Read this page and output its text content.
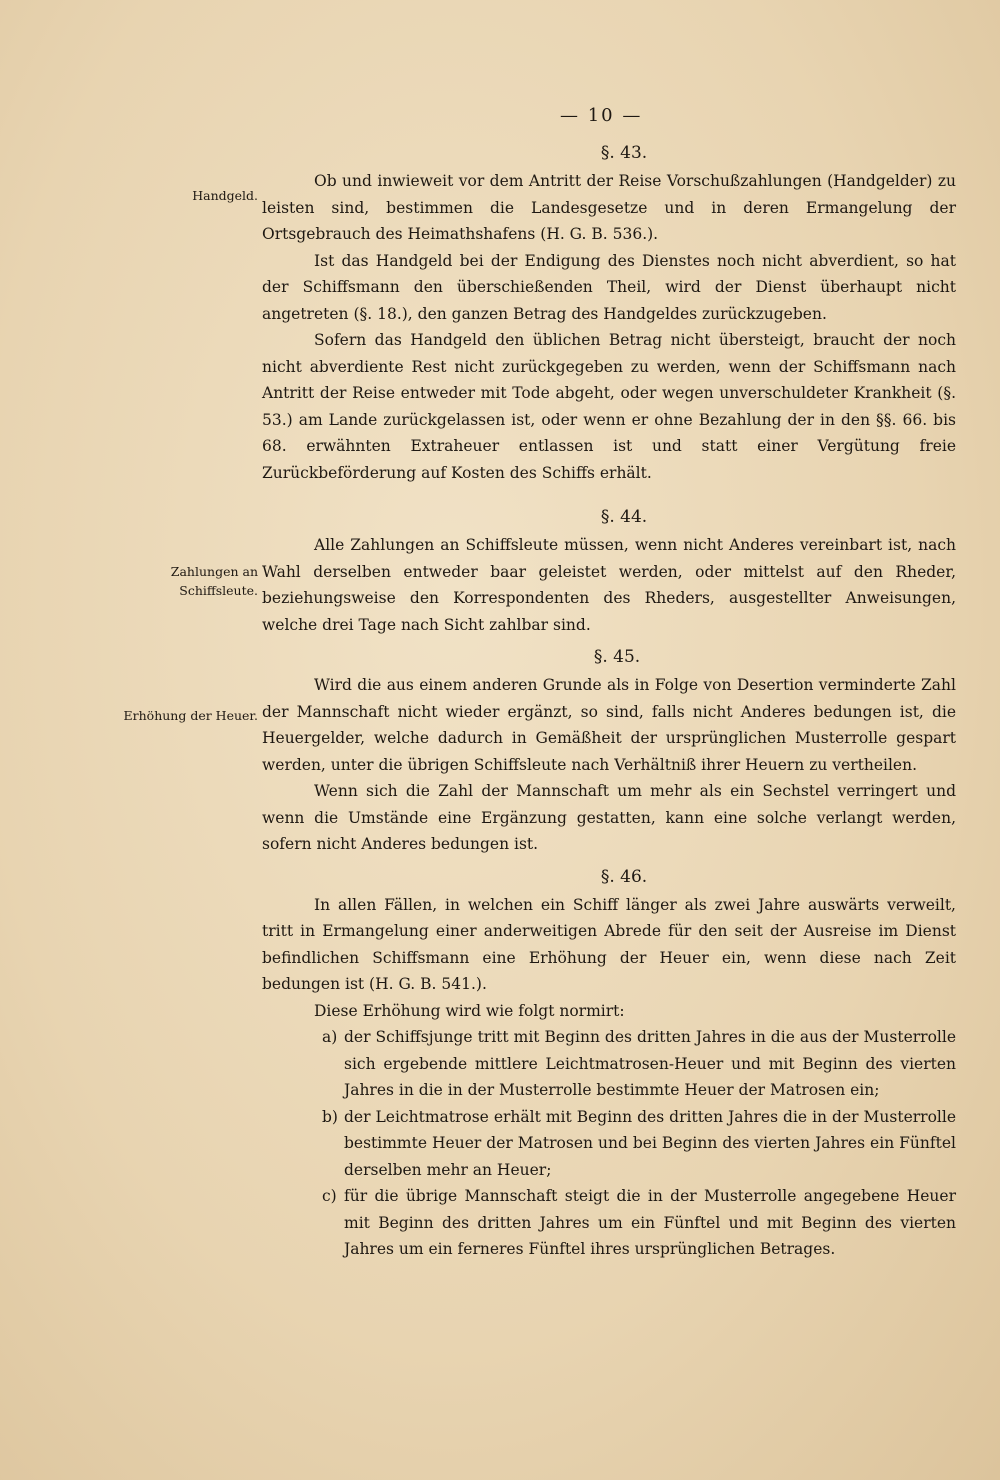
— 10 —
Handgeld.
Zahlungen an
Schiffsleute.
Erhöhung der Heuer.
§. 43.

Ob und inwieweit vor dem Antritt der Reise Vorschußzahlungen (Handgelder) zu leisten sind, bestimmen die Landesgesetze und in deren Ermangelung der Ortsgebrauch des Heimathshafens (H. G. B. 536.).

Ist das Handgeld bei der Endigung des Dienstes noch nicht abverdient, so hat der Schiffsmann den überschießenden Theil, wird der Dienst überhaupt nicht angetreten (§. 18.), den ganzen Betrag des Handgeldes zurückzugeben.

Sofern das Handgeld den üblichen Betrag nicht übersteigt, braucht der noch nicht abverdiente Rest nicht zurückgegeben zu werden, wenn der Schiffsmann nach Antritt der Reise entweder mit Tode abgeht, oder wegen unverschuldeter Krankheit (§. 53.) am Lande zurückgelassen ist, oder wenn er ohne Bezahlung der in den §§. 66. bis 68. erwähnten Extraheuer entlassen ist und statt einer Vergütung freie Zurückbeförderung auf Kosten des Schiffs erhält.

§. 44.

Alle Zahlungen an Schiffsleute müssen, wenn nicht Anderes vereinbart ist, nach Wahl derselben entweder baar geleistet werden, oder mittelst auf den Rheder, beziehungsweise den Korrespondenten des Rheders, ausgestellter Anweisungen, welche drei Tage nach Sicht zahlbar sind.

§. 45.

Wird die aus einem anderen Grunde als in Folge von Desertion verminderte Zahl der Mannschaft nicht wieder ergänzt, so sind, falls nicht Anderes bedungen ist, die Heuergelder, welche dadurch in Gemäßheit der ursprünglichen Musterrolle gespart werden, unter die übrigen Schiffsleute nach Verhältniß ihrer Heuern zu vertheilen.

Wenn sich die Zahl der Mannschaft um mehr als ein Sechstel verringert und wenn die Umstände eine Ergänzung gestatten, kann eine solche verlangt werden, sofern nicht Anderes bedungen ist.

§. 46.

In allen Fällen, in welchen ein Schiff länger als zwei Jahre auswärts verweilt, tritt in Ermangelung einer anderweitigen Abrede für den seit der Ausreise im Dienst befindlichen Schiffsmann eine Erhöhung der Heuer ein, wenn diese nach Zeit bedungen ist (H. G. B. 541.).

Diese Erhöhung wird wie folgt normirt:

a) der Schiffsjunge tritt mit Beginn des dritten Jahres in die aus der Musterrolle sich ergebende mittlere Leichtmatrosen-Heuer und mit Beginn des vierten Jahres in die in der Musterrolle bestimmte Heuer der Matrosen ein;
b) der Leichtmatrose erhält mit Beginn des dritten Jahres die in der Musterrolle bestimmte Heuer der Matrosen und bei Beginn des vierten Jahres ein Fünftel derselben mehr an Heuer;
c) für die übrige Mannschaft steigt die in der Musterrolle angegebene Heuer mit Beginn des dritten Jahres um ein Fünftel und mit Beginn des vierten Jahres um ein ferneres Fünftel ihres ursprünglichen Betrages.
